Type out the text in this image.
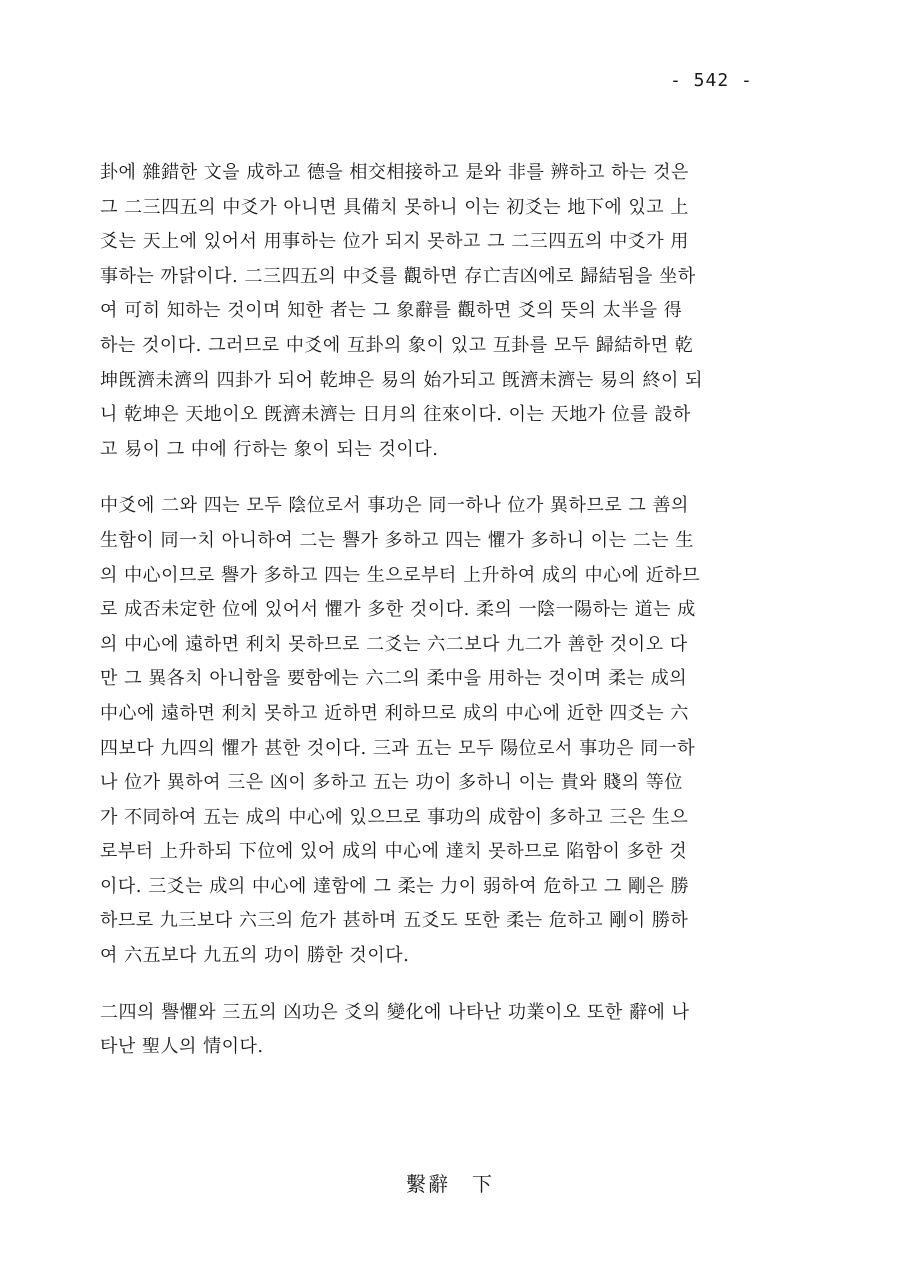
- 542 -
卦에 雜錯한 文을 成하고 德을 相交相接하고 是와 非를 辨하고 하는 것은
그 二三四五의 中爻가 아니면 具備치 못하니 이는 初爻는 地下에 있고 上
爻는 天上에 있어서 用事하는 位가 되지 못하고 그 二三四五의 中爻가 用
事하는 까닭이다. 二三四五의 中爻를 觀하면 存亡吉凶에로 歸結됨을 坐하
여 可히 知하는 것이며 知한 者는 그 象辭를 觀하면 爻의 뜻의 太半을 得
하는 것이다. 그러므로 中爻에 互卦의 象이 있고 互卦를 모두 歸結하면 乾
坤旣濟未濟의 四卦가 되어 乾坤은 易의 始가되고 旣濟未濟는 易의 終이 되
니 乾坤은 天地이오 旣濟未濟는 日月의 往來이다. 이는 天地가 位를 設하
고 易이 그 中에 行하는 象이 되는 것이다.
中爻에 二와 四는 모두 陰位로서 事功은 同一하나 位가 異하므로 그 善의
生함이 同一치 아니하여 二는 譽가 多하고 四는 懼가 多하니 이는 二는 生
의 中心이므로 譽가 多하고 四는 生으로부터 上升하여 成의 中心에 近하므
로 成否未定한 位에 있어서 懼가 多한 것이다. 柔의 一陰一陽하는 道는 成
의 中心에 遠하면 利치 못하므로 二爻는 六二보다 九二가 善한 것이오 다
만 그 異各치 아니함을 要함에는 六二의 柔中을 用하는 것이며 柔는 成의
中心에 遠하면 利치 못하고 近하면 利하므로 成의 中心에 近한 四爻는 六
四보다 九四의 懼가 甚한 것이다. 三과 五는 모두 陽位로서 事功은 同一하
나 位가 異하여 三은 凶이 多하고 五는 功이 多하니 이는 貴와 賤의 等位
가 不同하여 五는 成의 中心에 있으므로 事功의 成함이 多하고 三은 生으
로부터 上升하되 下位에 있어 成의 中心에 達치 못하므로 陷함이 多한 것
이다. 三爻는 成의 中心에 達함에 그 柔는 力이 弱하여 危하고 그 剛은 勝
하므로 九三보다 六三의 危가 甚하며 五爻도 또한 柔는 危하고 剛이 勝하
여 六五보다 九五의 功이 勝한 것이다.
二四의 譽懼와 三五의 凶功은 爻의 變化에 나타난 功業이오 또한 辭에 나
타난 聖人의 情이다.
繫辭　下
